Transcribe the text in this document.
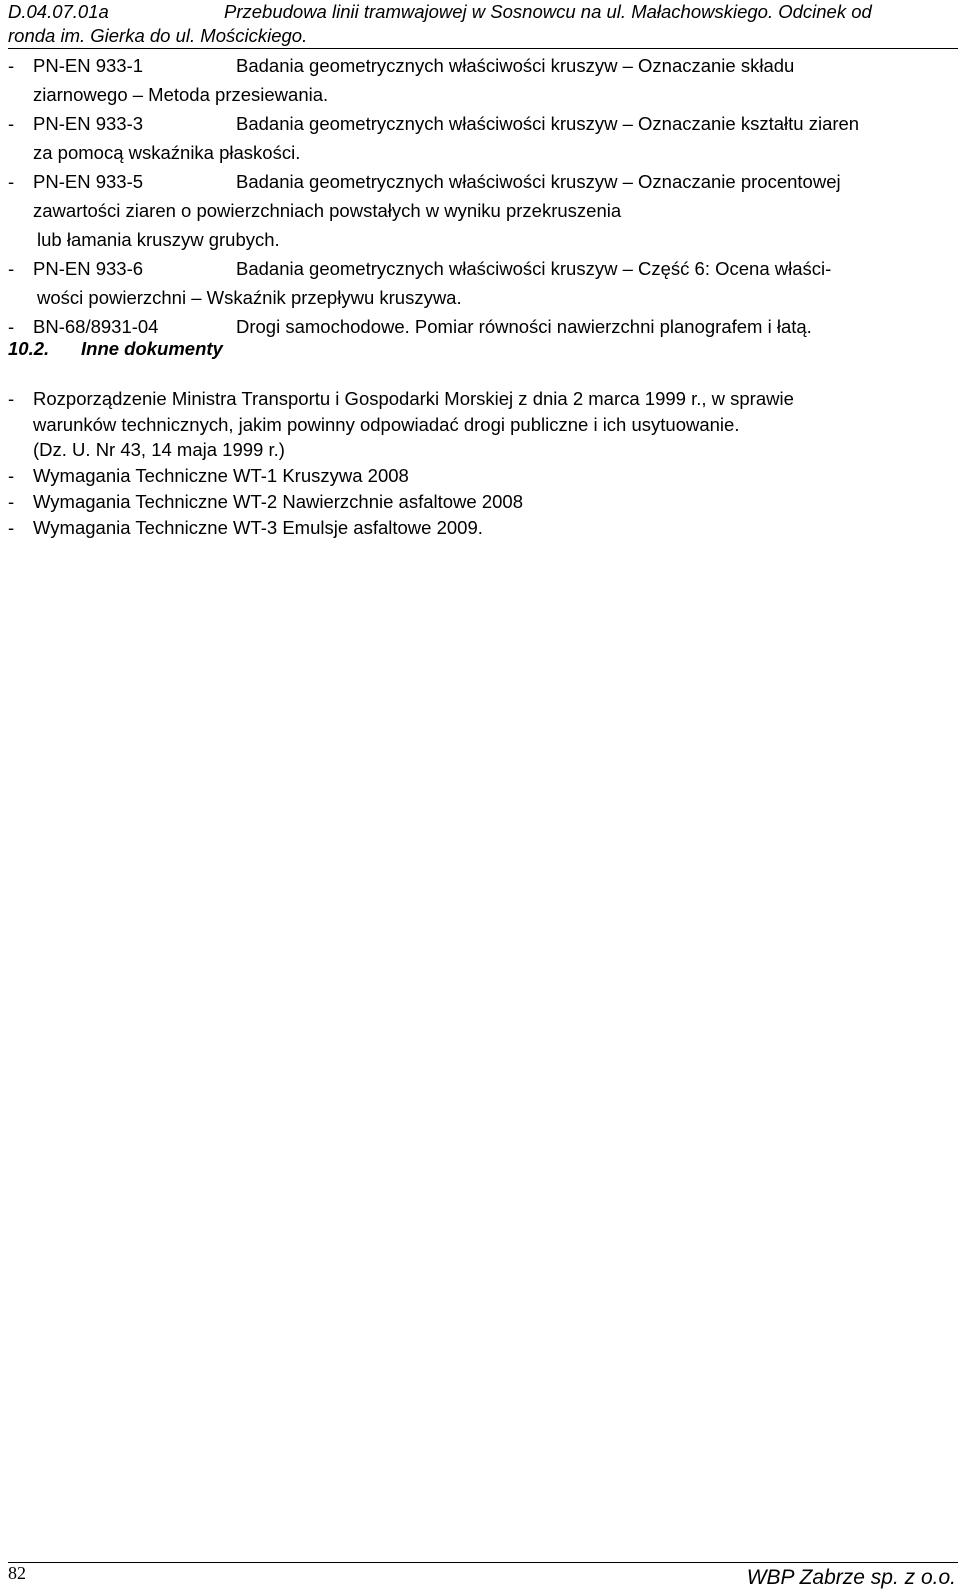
D.04.07.01a	Przebudowa linii tramwajowej w Sosnowcu na ul. Małachowskiego. Odcinek od
ronda im. Gierka do ul. Mościckiego.
-	PN-EN 933-1	Badania geometrycznych właściwości kruszyw – Oznaczanie składu
ziarnowego – Metoda przesiewania.
-	PN-EN 933-3	Badania geometrycznych właściwości kruszyw – Oznaczanie kształtu ziaren
za pomocą wskaźnika płaskości.
-	PN-EN 933-5	Badania geometrycznych właściwości kruszyw – Oznaczanie procentowej
zawartości ziaren o powierzchniach powstałych w wyniku przekruszenia
lub łamania kruszyw grubych.
-	PN-EN 933-6	Badania geometrycznych właściwości kruszyw – Część 6: Ocena właści-
wości powierzchni – Wskaźnik przepływu kruszywa.
-	BN-68/8931-04	Drogi samochodowe. Pomiar równości nawierzchni planografem i łatą.
10.2. Inne dokumenty
-	Rozporządzenie Ministra Transportu i Gospodarki Morskiej z dnia 2 marca 1999 r., w sprawie
warunków technicznych, jakim powinny odpowiadać drogi publiczne i ich usytuowanie.
(Dz. U. Nr 43, 14 maja 1999 r.)
-	Wymagania Techniczne WT-1 Kruszywa 2008
-	Wymagania Techniczne WT-2 Nawierzchnie asfaltowe 2008
-	Wymagania Techniczne WT-3 Emulsje asfaltowe 2009.
82	WBP Zabrze sp. z o.o.
